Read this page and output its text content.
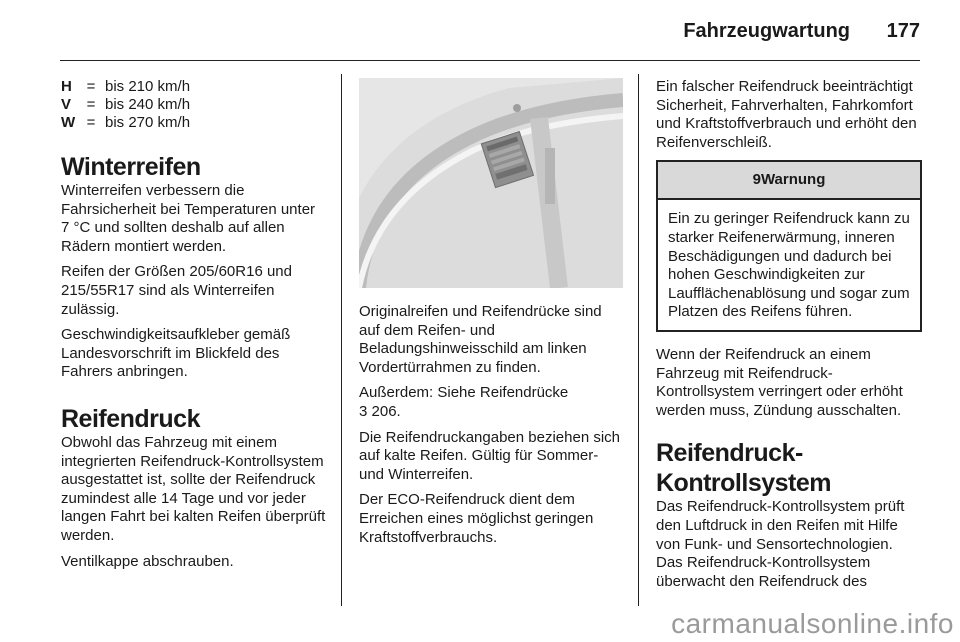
Fahrzeugwartung 177
H = bis 210 km/h
V	= bis 240 km/h
W = bis 270 km/h
Winterreifen

Winterreifen verbessern die Fahrsicherheit bei Temperaturen unter 7 °C und sollten deshalb auf allen Rädern montiert werden.

Reifen der Größen 205/60R16 und 215/55R17 sind als Winterreifen zulässig.

Geschwindigkeitsaufkleber gemäß Landesvorschrift im Blickfeld des Fahrers anbringen.

Reifendruck

Obwohl das Fahrzeug mit einem integrierten Reifendruck-Kontrollsystem ausgestattet ist, sollte der Reifendruck zumindest alle 14 Tage und vor jeder langen Fahrt bei kalten Reifen überprüft werden.

Ventilkappe abschrauben.

Originalreifen und Reifendrücke sind auf dem Reifen- und Beladungshinweisschild am linken Vordertürrahmen zu finden.

Außerdem: Siehe Reifendrücke
3 206.

Die Reifendruckangaben beziehen sich auf kalte Reifen. Gültig für Sommer- und Winterreifen.

Der ECO-Reifendruck dient dem Erreichen eines möglichst geringen Kraftstoffverbrauchs.

Ein falscher Reifendruck beeinträchtigt Sicherheit, Fahrverhalten, Fahrkomfort und Kraftstoffverbrauch und erhöht den Reifenverschleiß.

9Warnung
Ein zu geringer Reifendruck kann zu starker Reifenerwärmung, inneren Beschädigungen und dadurch bei hohen Geschwindigkeiten zur Laufflächenablösung und sogar zum Platzen des Reifens führen.

Wenn der Reifendruck an einem Fahrzeug mit Reifendruck-Kontrollsystem verringert oder erhöht werden muss, Zündung ausschalten.

Reifendruck-Kontrollsystem

Das Reifendruck-Kontrollsystem prüft den Luftdruck in den Reifen mit Hilfe von Funk- und Sensortechnologien. Das Reifendruck-Kontrollsystem überwacht den Reifendruck des

carmanualsonline.info
